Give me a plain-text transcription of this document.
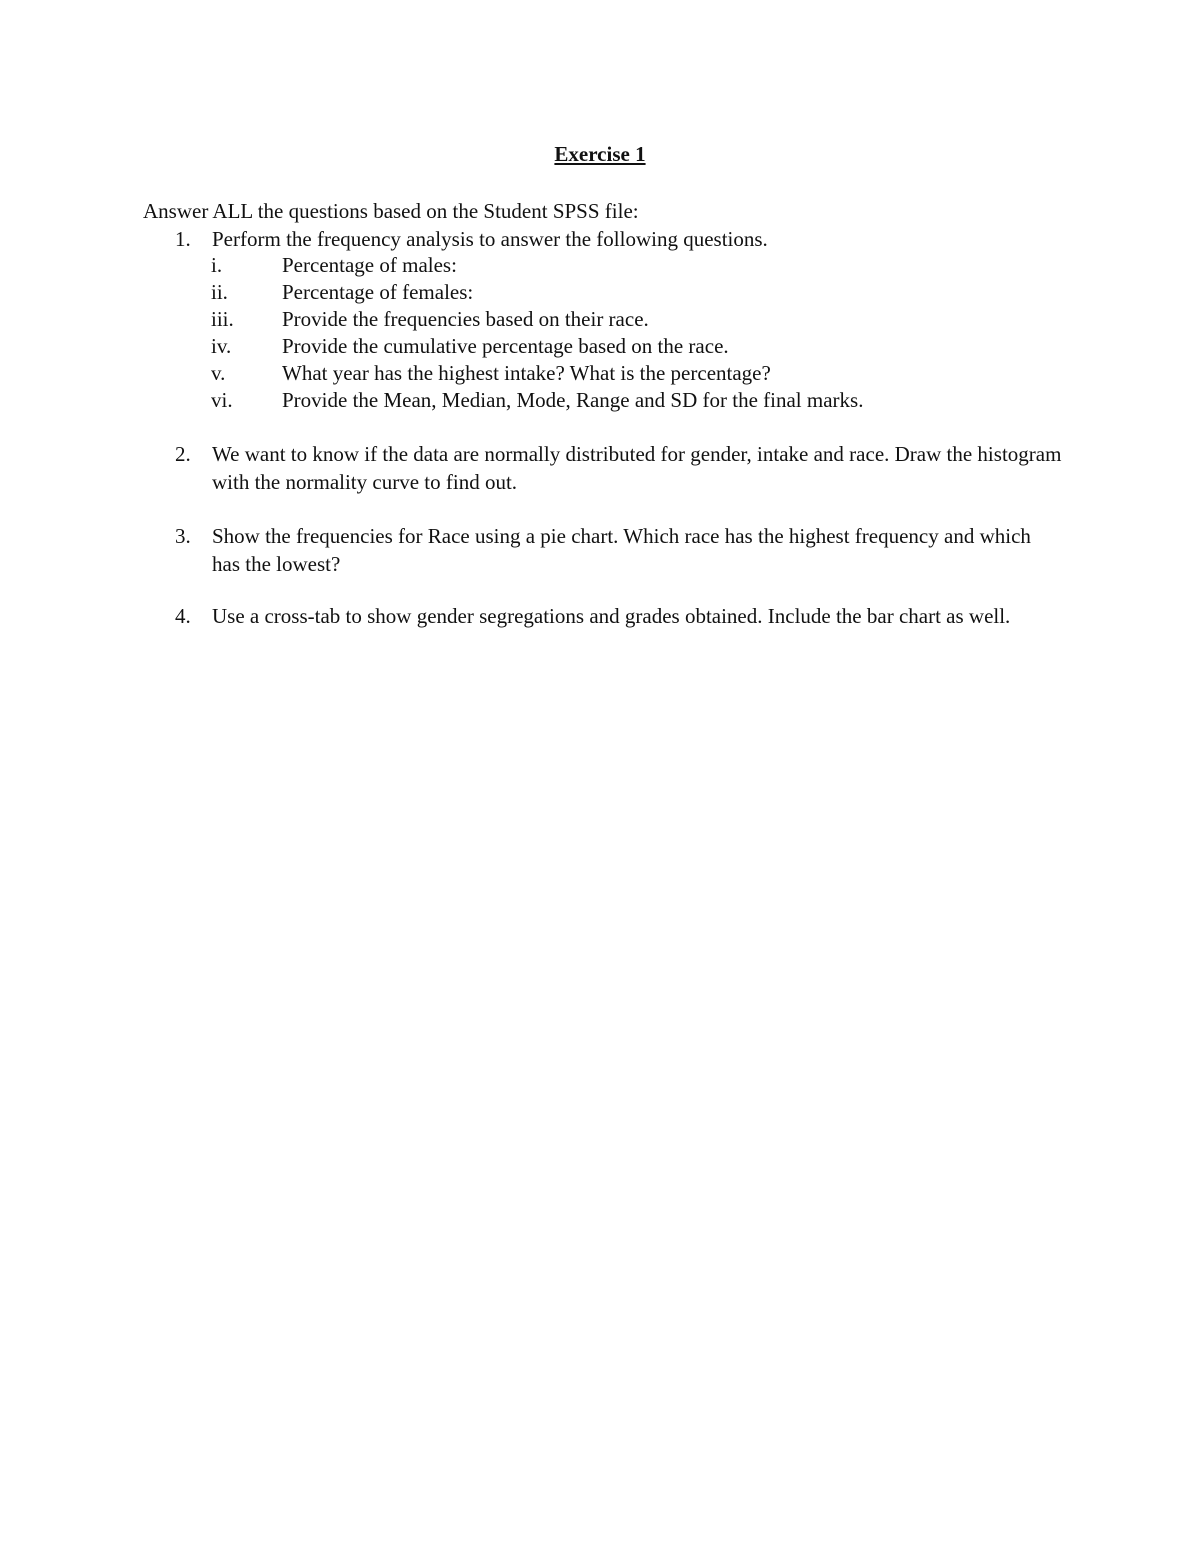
Exercise 1
Answer ALL the questions based on the Student SPSS file:
1. Perform the frequency analysis to answer the following questions.
i.	Percentage of males:
ii.	Percentage of females:
iii. Provide the frequencies based on their race.
iv. Provide the cumulative percentage based on the race.
v.	What year has the highest intake? What is the percentage?
vi. Provide the Mean, Median, Mode, Range and SD for the final marks.
2. We want to know if the data are normally distributed for gender, intake and race. Draw the histogram with the normality curve to find out.
3. Show the frequencies for Race using a pie chart. Which race has the highest frequency and which has the lowest?
4. Use a cross-tab to show gender segregations and grades obtained. Include the bar chart as well.
